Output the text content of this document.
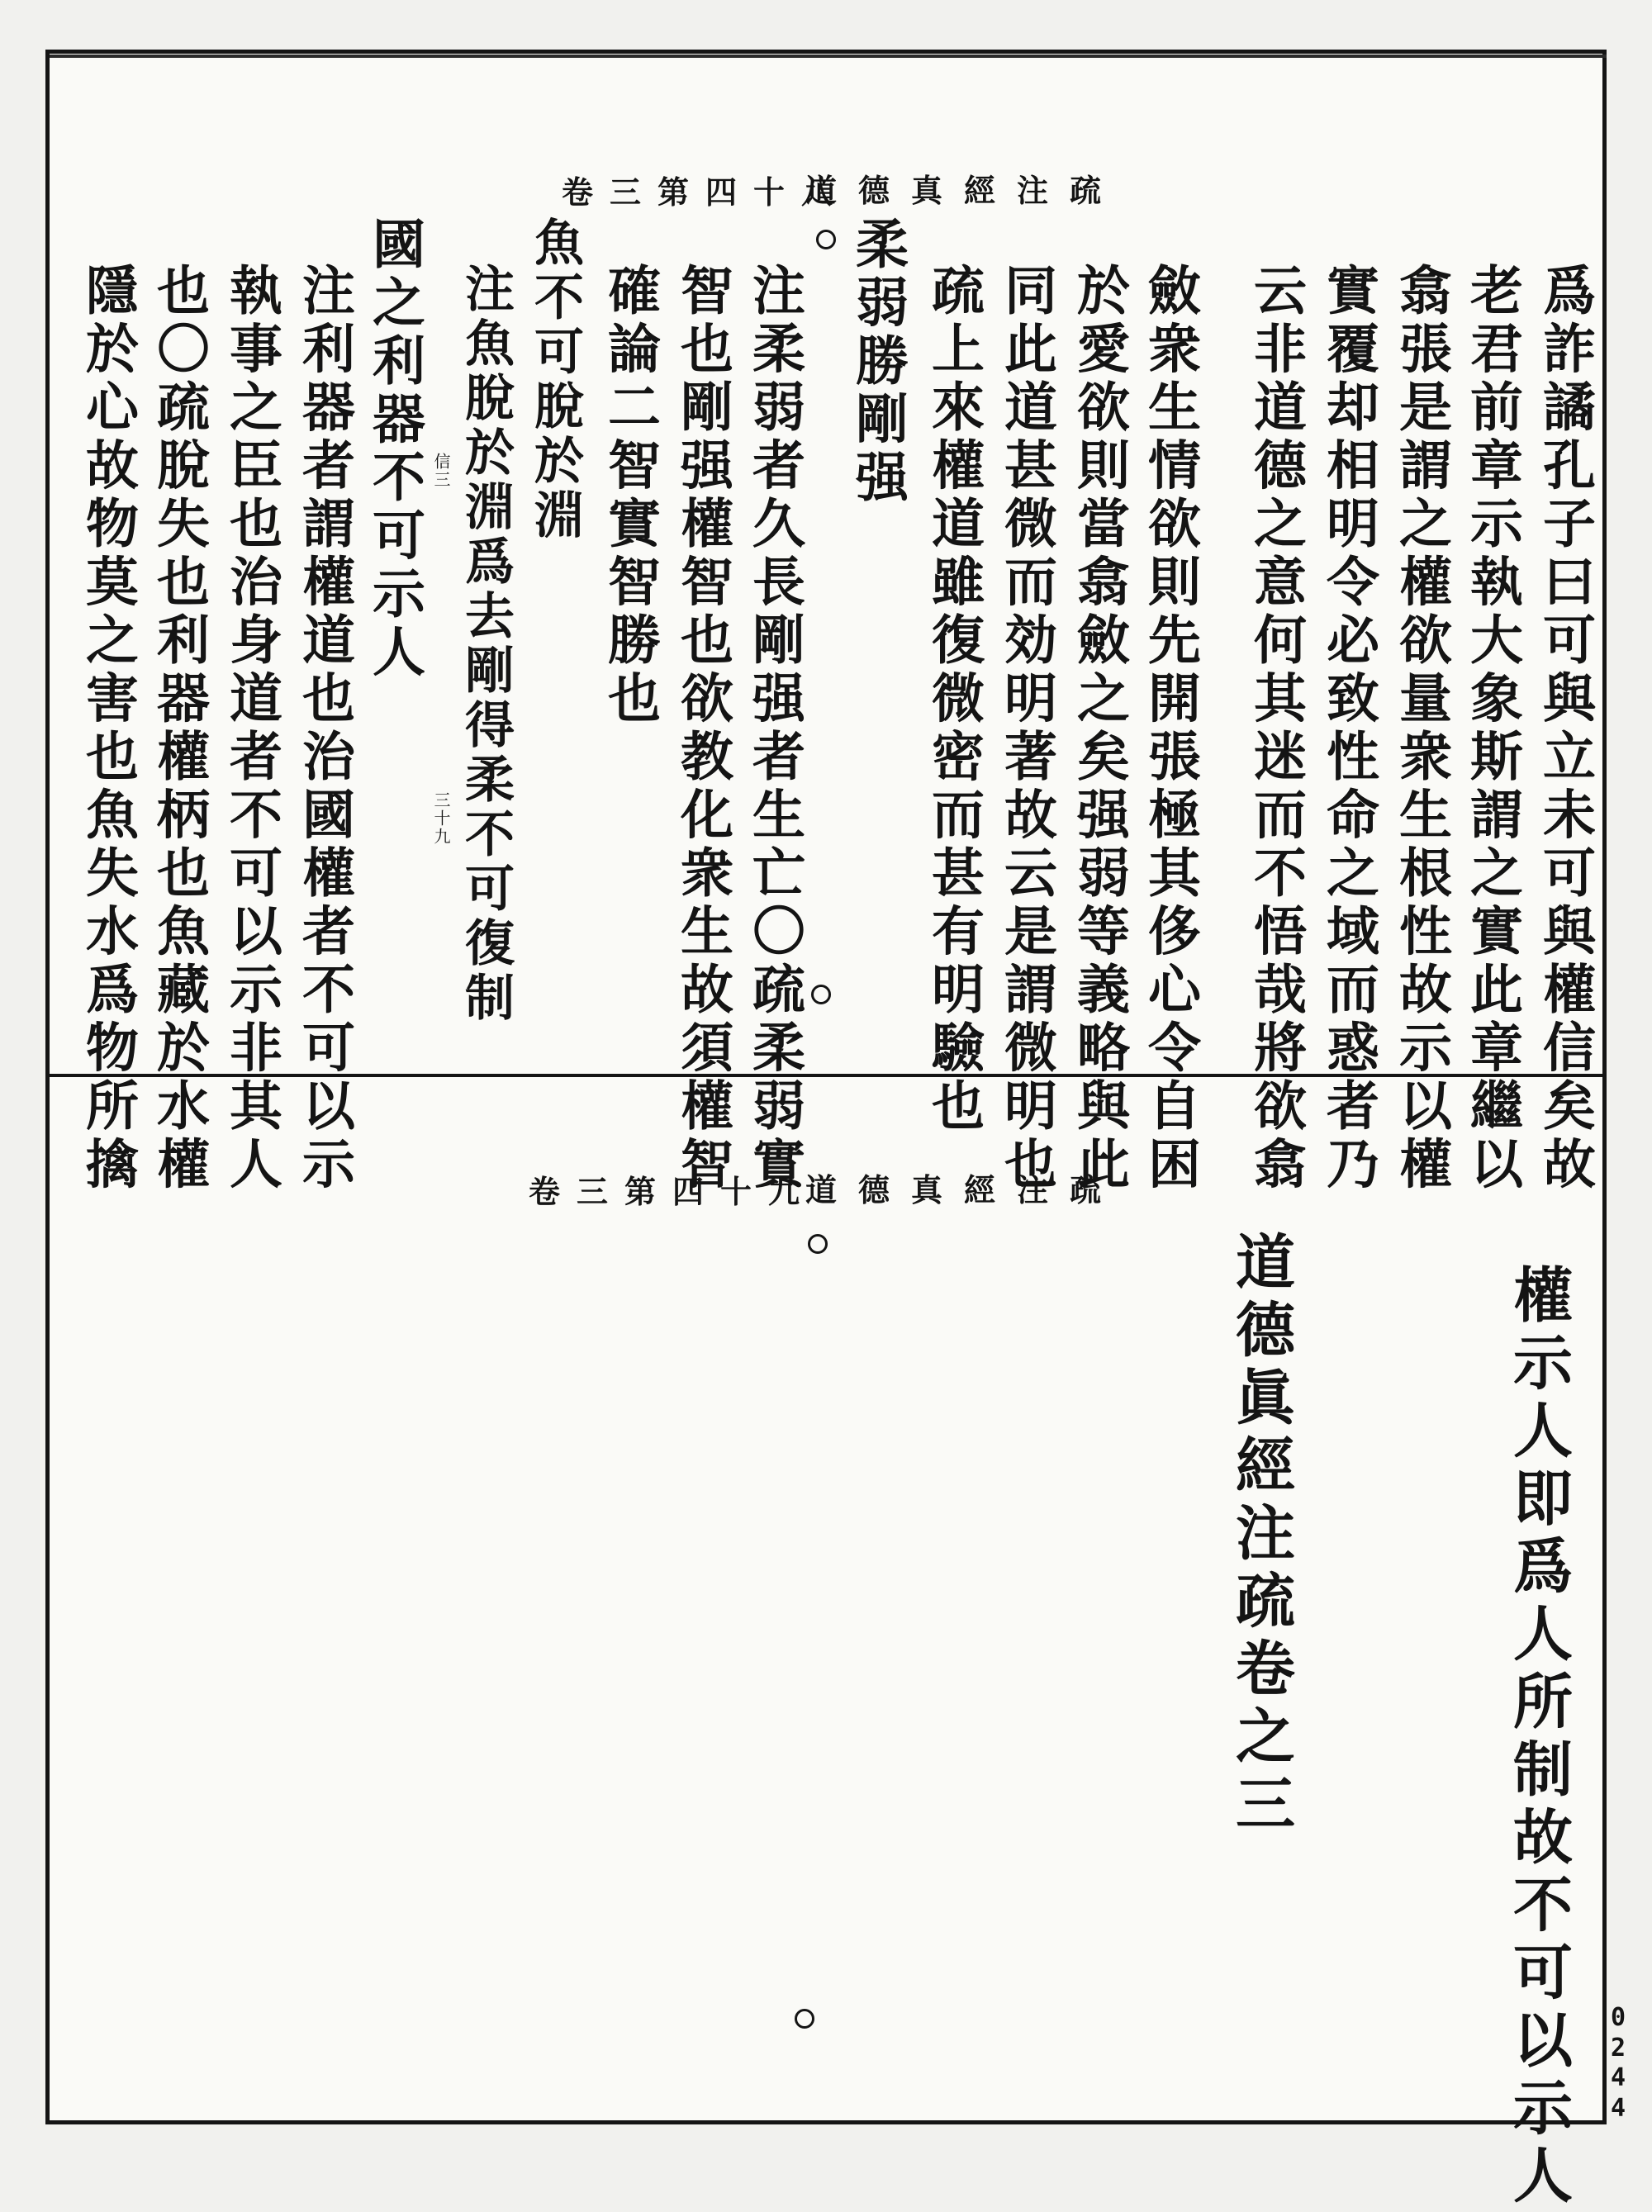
道德真經注疏
卷三第四十八
爲詐譎孔子曰可與立未可與權信矣故
老君前章示執大象斯謂之實此章繼以
翕張是謂之權欲量衆生根性故示以權
實覆却相明令必致性命之域而惑者乃
云非道德之意何其迷而不悟哉將欲翕
斂衆生情欲則先開張極其侈心令自困
於愛欲則當翕斂之矣强弱等義略與此
同此道甚微而効明著故云是謂微明也
疏上來權道雖復微密而甚有明驗也
柔弱勝剛强
注柔弱者久長剛强者生亡〇疏柔弱實
智也剛强權智也欲教化衆生故須權智
確論二智實智勝也
魚不可脫於淵
注魚脫於淵爲去剛得柔不可復制
國之利器不可示人
注利器者謂權道也治國權者不可以示
執事之臣也治身道者不可以示非其人
也〇疏脫失也利器權柄也魚藏於水權
隱於心故物莫之害也魚失水爲物所擒	信三
三十九
道德真經注疏
卷三第四十九
權示人即爲人所制故不可以示人
道德眞經注疏卷之三
0
2
4
4
